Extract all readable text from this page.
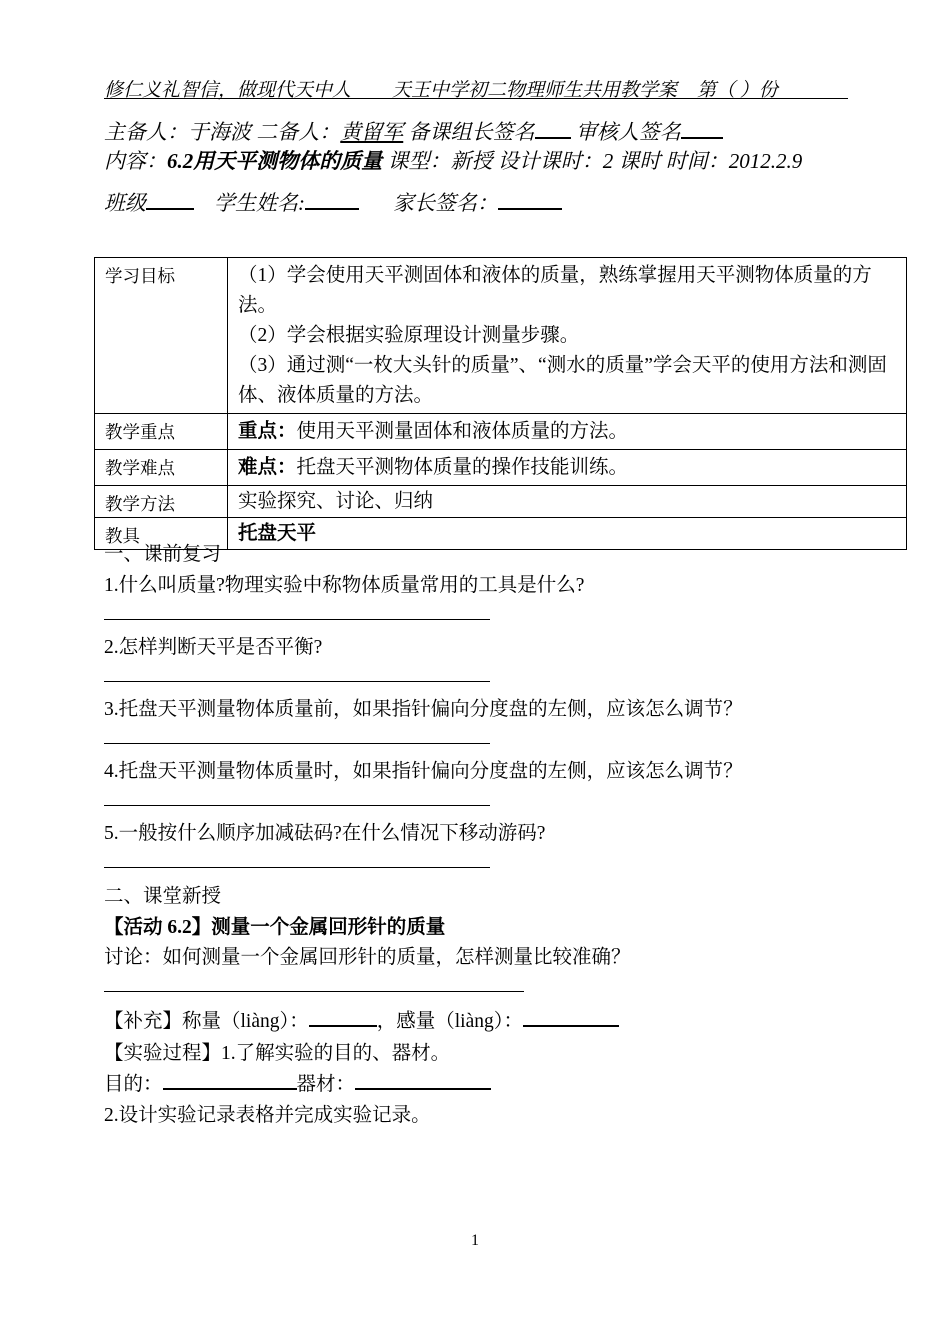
修仁义礼智信，做现代天中人 天王中学初二物理师生共用教学案 第（ ）份
主备人：于海波 二备人：黄留军 备课组长签名 审核人签名
内容：6.2用天平测物体的质量 课型：新授 设计课时：2 课时 时间：2012.2.9
班级	学生姓名:	家长签名：
学习目标	（1）学会使用天平测固体和液体的质量，熟练掌握用天平测物体质量的方法。
（2）学会根据实验原理设计测量步骤。
（3）通过测“一枚大头针的质量”、“测水的质量”学会天平的使用方法和测固体、液体质量的方法。

教学重点	重点：使用天平测量固体和液体质量的方法。
教学难点	难点：托盘天平测物体质量的操作技能训练。
教学方法	实验探究、讨论、归纳
教具	托盘天平
一、课前复习
1.什么叫质量?物理实验中称物体质量常用的工具是什么?
2.怎样判断天平是否平衡?
3.托盘天平测量物体质量前，如果指针偏向分度盘的左侧，应该怎么调节？
4.托盘天平测量物体质量时，如果指针偏向分度盘的左侧，应该怎么调节？
5.一般按什么顺序加减砝码?在什么情况下移动游码?
二、课堂新授
【活动 6.2】测量一个金属回形针的质量
讨论：如何测量一个金属回形针的质量，怎样测量比较准确？
【补充】称量（liàng）：	，感量（liàng）：
【实验过程】1.了解实验的目的、器材。
目的：	器材：
2.设计实验记录表格并完成实验记录。
1
